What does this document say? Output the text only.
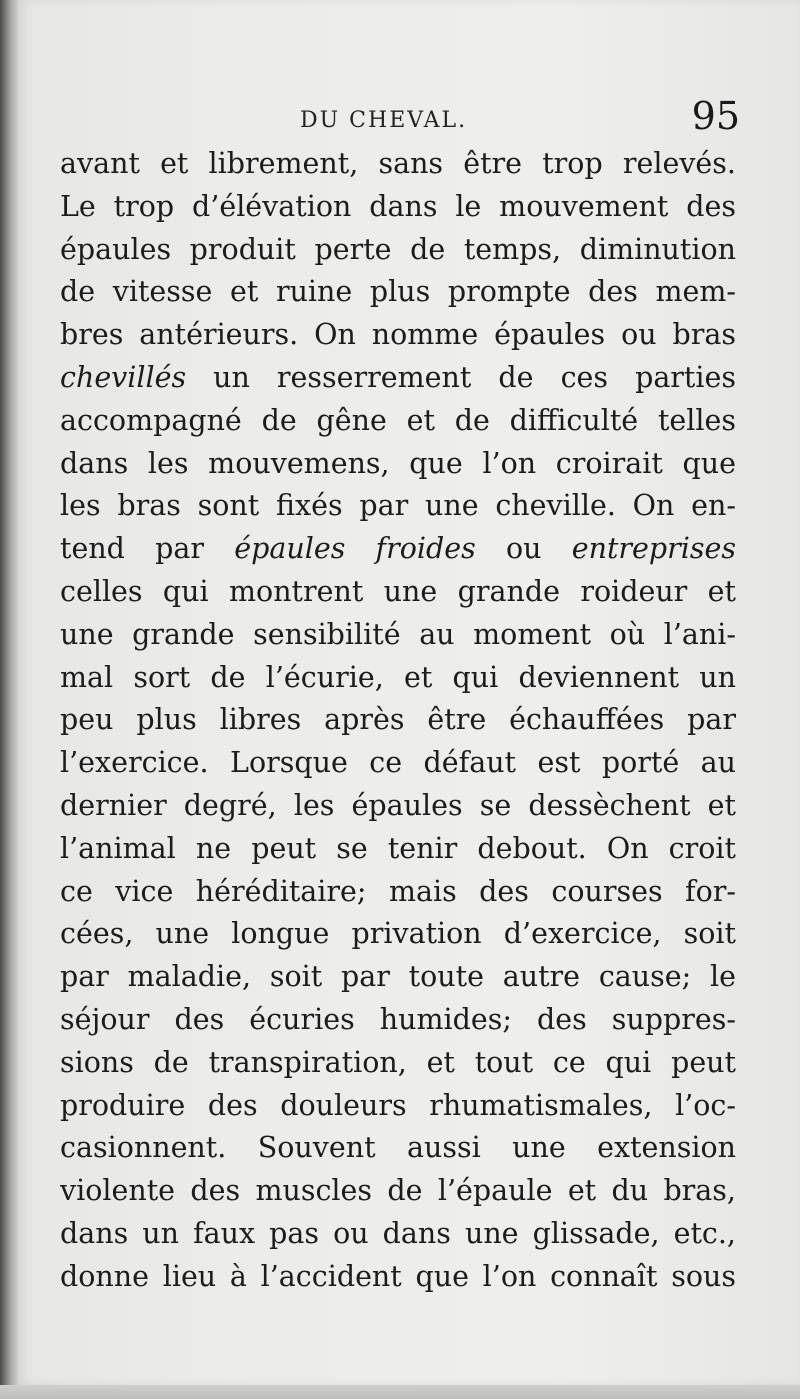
DU CHEVAL.	95
avant et librement, sans être trop relevés.
Le trop d’élévation dans le mouvement des
épaules produit perte de temps, diminution
de vitesse et ruine plus prompte des mem-
bres antérieurs. On nomme épaules ou bras
chevillés un resserrement de ces parties
accompagné de gêne et de difficulté telles
dans les mouvemens, que l’on croirait que
les bras sont fixés par une cheville. On en-
tend par épaules froides ou entreprises
celles qui montrent une grande roideur et
une grande sensibilité au moment où l’ani-
mal sort de l’écurie, et qui deviennent un
peu plus libres après être échauffées par
l’exercice. Lorsque ce défaut est porté au
dernier degré, les épaules se dessèchent et
l’animal ne peut se tenir debout. On croit
ce vice héréditaire; mais des courses for-
cées, une longue privation d’exercice, soit
par maladie, soit par toute autre cause; le
séjour des écuries humides; des suppres-
sions de transpiration, et tout ce qui peut
produire des douleurs rhumatismales, l’oc-
casionnent. Souvent aussi une extension
violente des muscles de l’épaule et du bras,
dans un faux pas ou dans une glissade, etc.,
donne lieu à l’accident que l’on connaît sous
